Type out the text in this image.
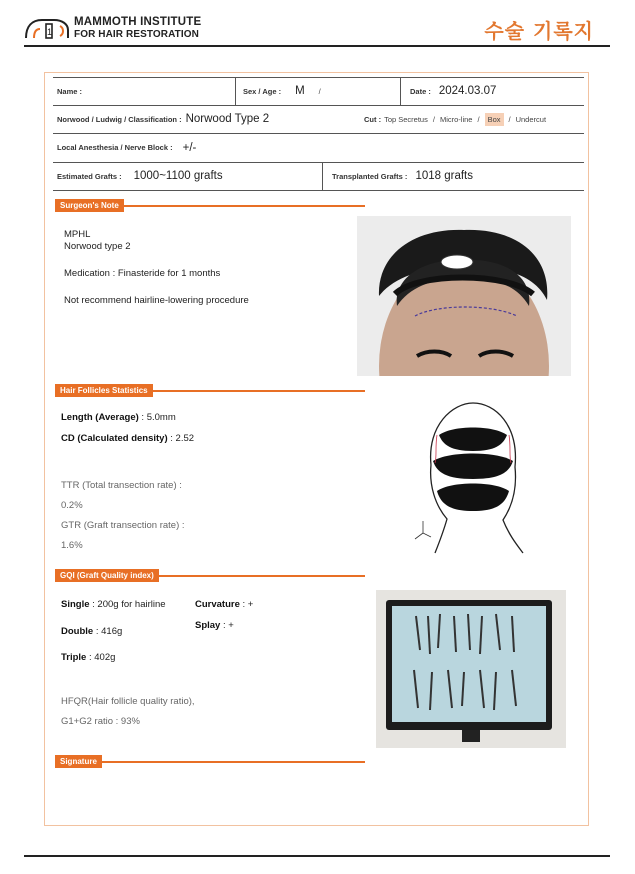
1
MAMMOTH INSTITUTE
FOR HAIR RESTORATION	수술 기록지
Name :	Sex / Age : M /	Date : 2024.03.07
Norwood / Ludwig / Classification : Norwood Type 2	Cut : Top Secretus / Micro-line /	Box	/ Undercut
Local Anesthesia / Nerve Block : +/-
Estimated Grafts : 1000~1100 grafts	Transplanted Grafts : 1018 grafts
Surgeon's Note
MPHL
Norwood type 2
Medication : Finasteride for 1 months
Not recommend hairline-lowering procedure
Hair Follicles Statistics
Length (Average) : 5.0mm
CD (Calculated density) : 2.52
TTR (Total transection rate) :
0.2%
GTR (Graft transection rate) :
1.6%
GQI (Graft Quality index)
Single : 200g for hairline
Double : 416g
Triple : 402g
Curvature : +
Splay : +
HFQR(Hair follicle quality ratio),
G1+G2 ratio : 93%
Signature
